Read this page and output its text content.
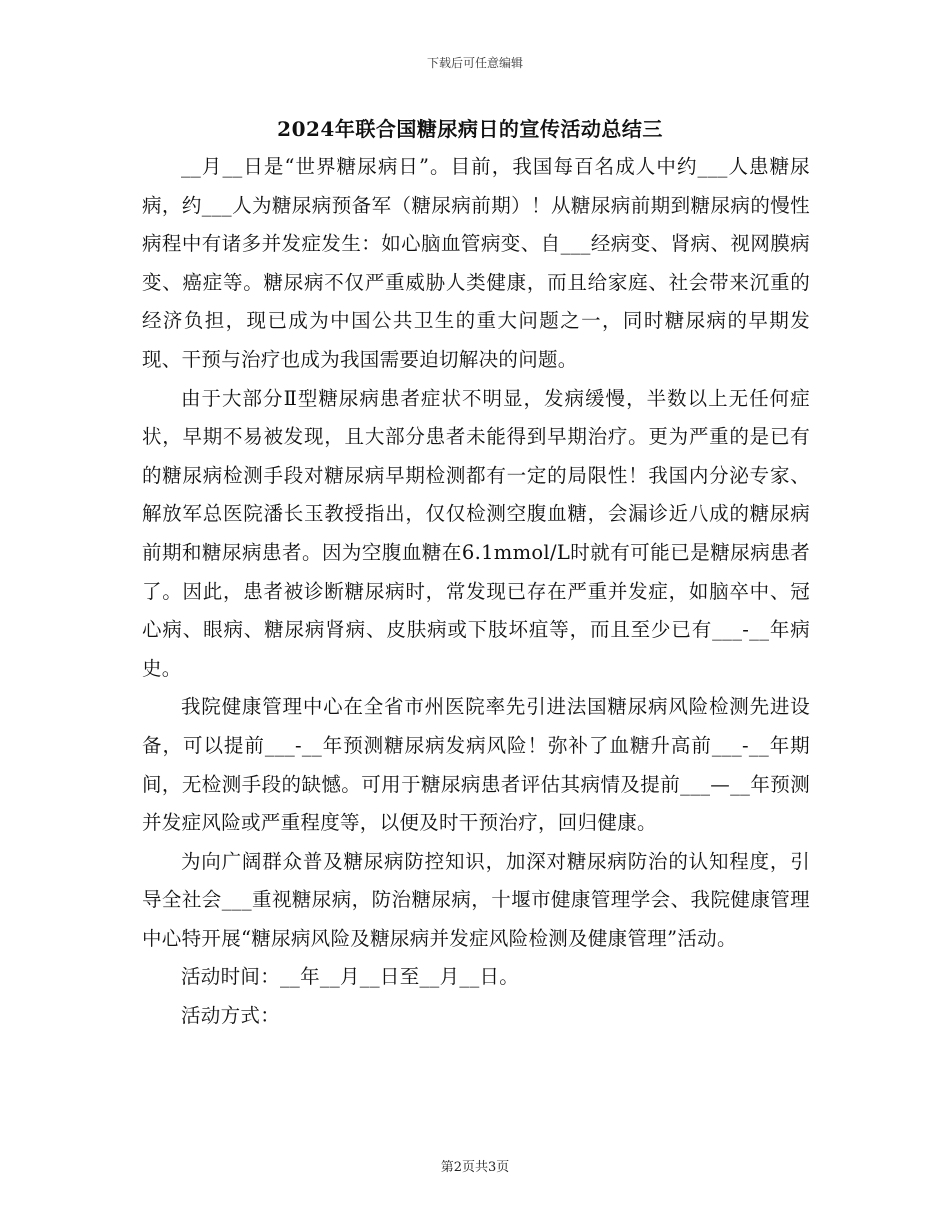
下载后可任意编辑
2024年联合国糖尿病日的宣传活动总结三

__月__日是“世界糖尿病日”。目前，我国每百名成人中约___人患糖尿病，约___人为糖尿病预备军（糖尿病前期）！从糖尿病前期到糖尿病的慢性病程中有诸多并发症发生：如心脑血管病变、自___经病变、肾病、视网膜病变、癌症等。糖尿病不仅严重威胁人类健康，而且给家庭、社会带来沉重的经济负担，现已成为中国公共卫生的重大问题之一，同时糖尿病的早期发现、干预与治疗也成为我国需要迫切解决的问题。

由于大部分Ⅱ型糖尿病患者症状不明显，发病缓慢，半数以上无任何症状，早期不易被发现，且大部分患者未能得到早期治疗。更为严重的是已有的糖尿病检测手段对糖尿病早期检测都有一定的局限性！我国内分泌专家、解放军总医院潘长玉教授指出，仅仅检测空腹血糖，会漏诊近八成的糖尿病前期和糖尿病患者。因为空腹血糖在6.1mmol/L时就有可能已是糖尿病患者了。因此，患者被诊断糖尿病时，常发现已存在严重并发症，如脑卒中、冠心病、眼病、糖尿病肾病、皮肤病或下肢坏疽等，而且至少已有___-__年病史。

我院健康管理中心在全省市州医院率先引进法国糖尿病风险检测先进设备，可以提前___-__年预测糖尿病发病风险！弥补了血糖升高前___-__年期间，无检测手段的缺憾。可用于糖尿病患者评估其病情及提前___—__年预测并发症风险或严重程度等，以便及时干预治疗，回归健康。

为向广阔群众普及糖尿病防控知识，加深对糖尿病防治的认知程度，引导全社会___重视糖尿病，防治糖尿病，十堰市健康管理学会、我院健康管理中心特开展“糖尿病风险及糖尿病并发症风险检测及健康管理”活动。

活动时间：__年__月__日至__月__日。

活动方式：

第2页共3页
